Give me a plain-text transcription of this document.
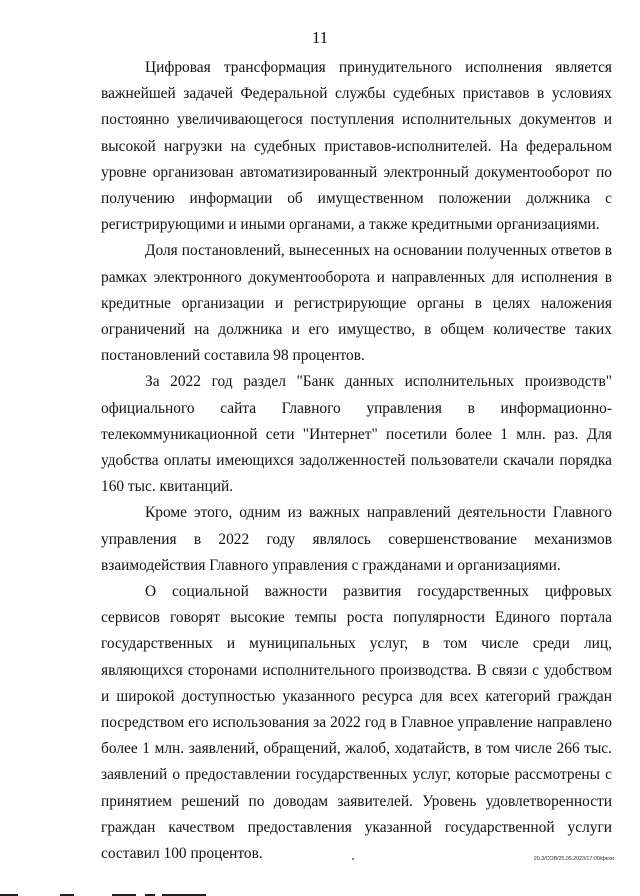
11

Цифровая трансформация принудительного исполнения является важнейшей задачей Федеральной службы судебных приставов в условиях постоянно увеличивающегося поступления исполнительных документов и высокой нагрузки на судебных приставов-исполнителей. На федеральном уровне организован автоматизированный электронный документооборот по получению информации об имущественном положении должника с регистрирующими и иными органами, а также кредитными организациями.

Доля постановлений, вынесенных на основании полученных ответов в рамках электронного документооборота и направленных для исполнения в кредитные организации и регистрирующие органы в целях наложения ограничений на должника и его имущество, в общем количестве таких постановлений составила 98 процентов.

За 2022 год раздел "Банк данных исполнительных производств" официального сайта Главного управления в информационно-телекоммуникационной сети "Интернет" посетили более 1 млн. раз. Для удобства оплаты имеющихся задолженностей пользователи скачали порядка 160 тыс. квитанций.

Кроме этого, одним из важных направлений деятельности Главного управления в 2022 году являлось совершенствование механизмов взаимодействия Главного управления с гражданами и организациями.

О социальной важности развития государственных цифровых сервисов говорят высокие темпы роста популярности Единого портала государственных и муниципальных услуг, в том числе среди лиц, являющихся сторонами исполнительного производства. В связи с удобством и широкой доступностью указанного ресурса для всех категорий граждан посредством его использования за 2022 год в Главное управление направлено более 1 млн. заявлений, обращений, жалоб, ходатайств, в том числе 266 тыс. заявлений о предоставлении государственных услуг, которые рассмотрены с принятием решений по доводам заявителей. Уровень удовлетворенности граждан качеством предоставления указанной государственной услуги составил 100 процентов.	20.3/СОВ/25.05.2023/17:00/фехи
